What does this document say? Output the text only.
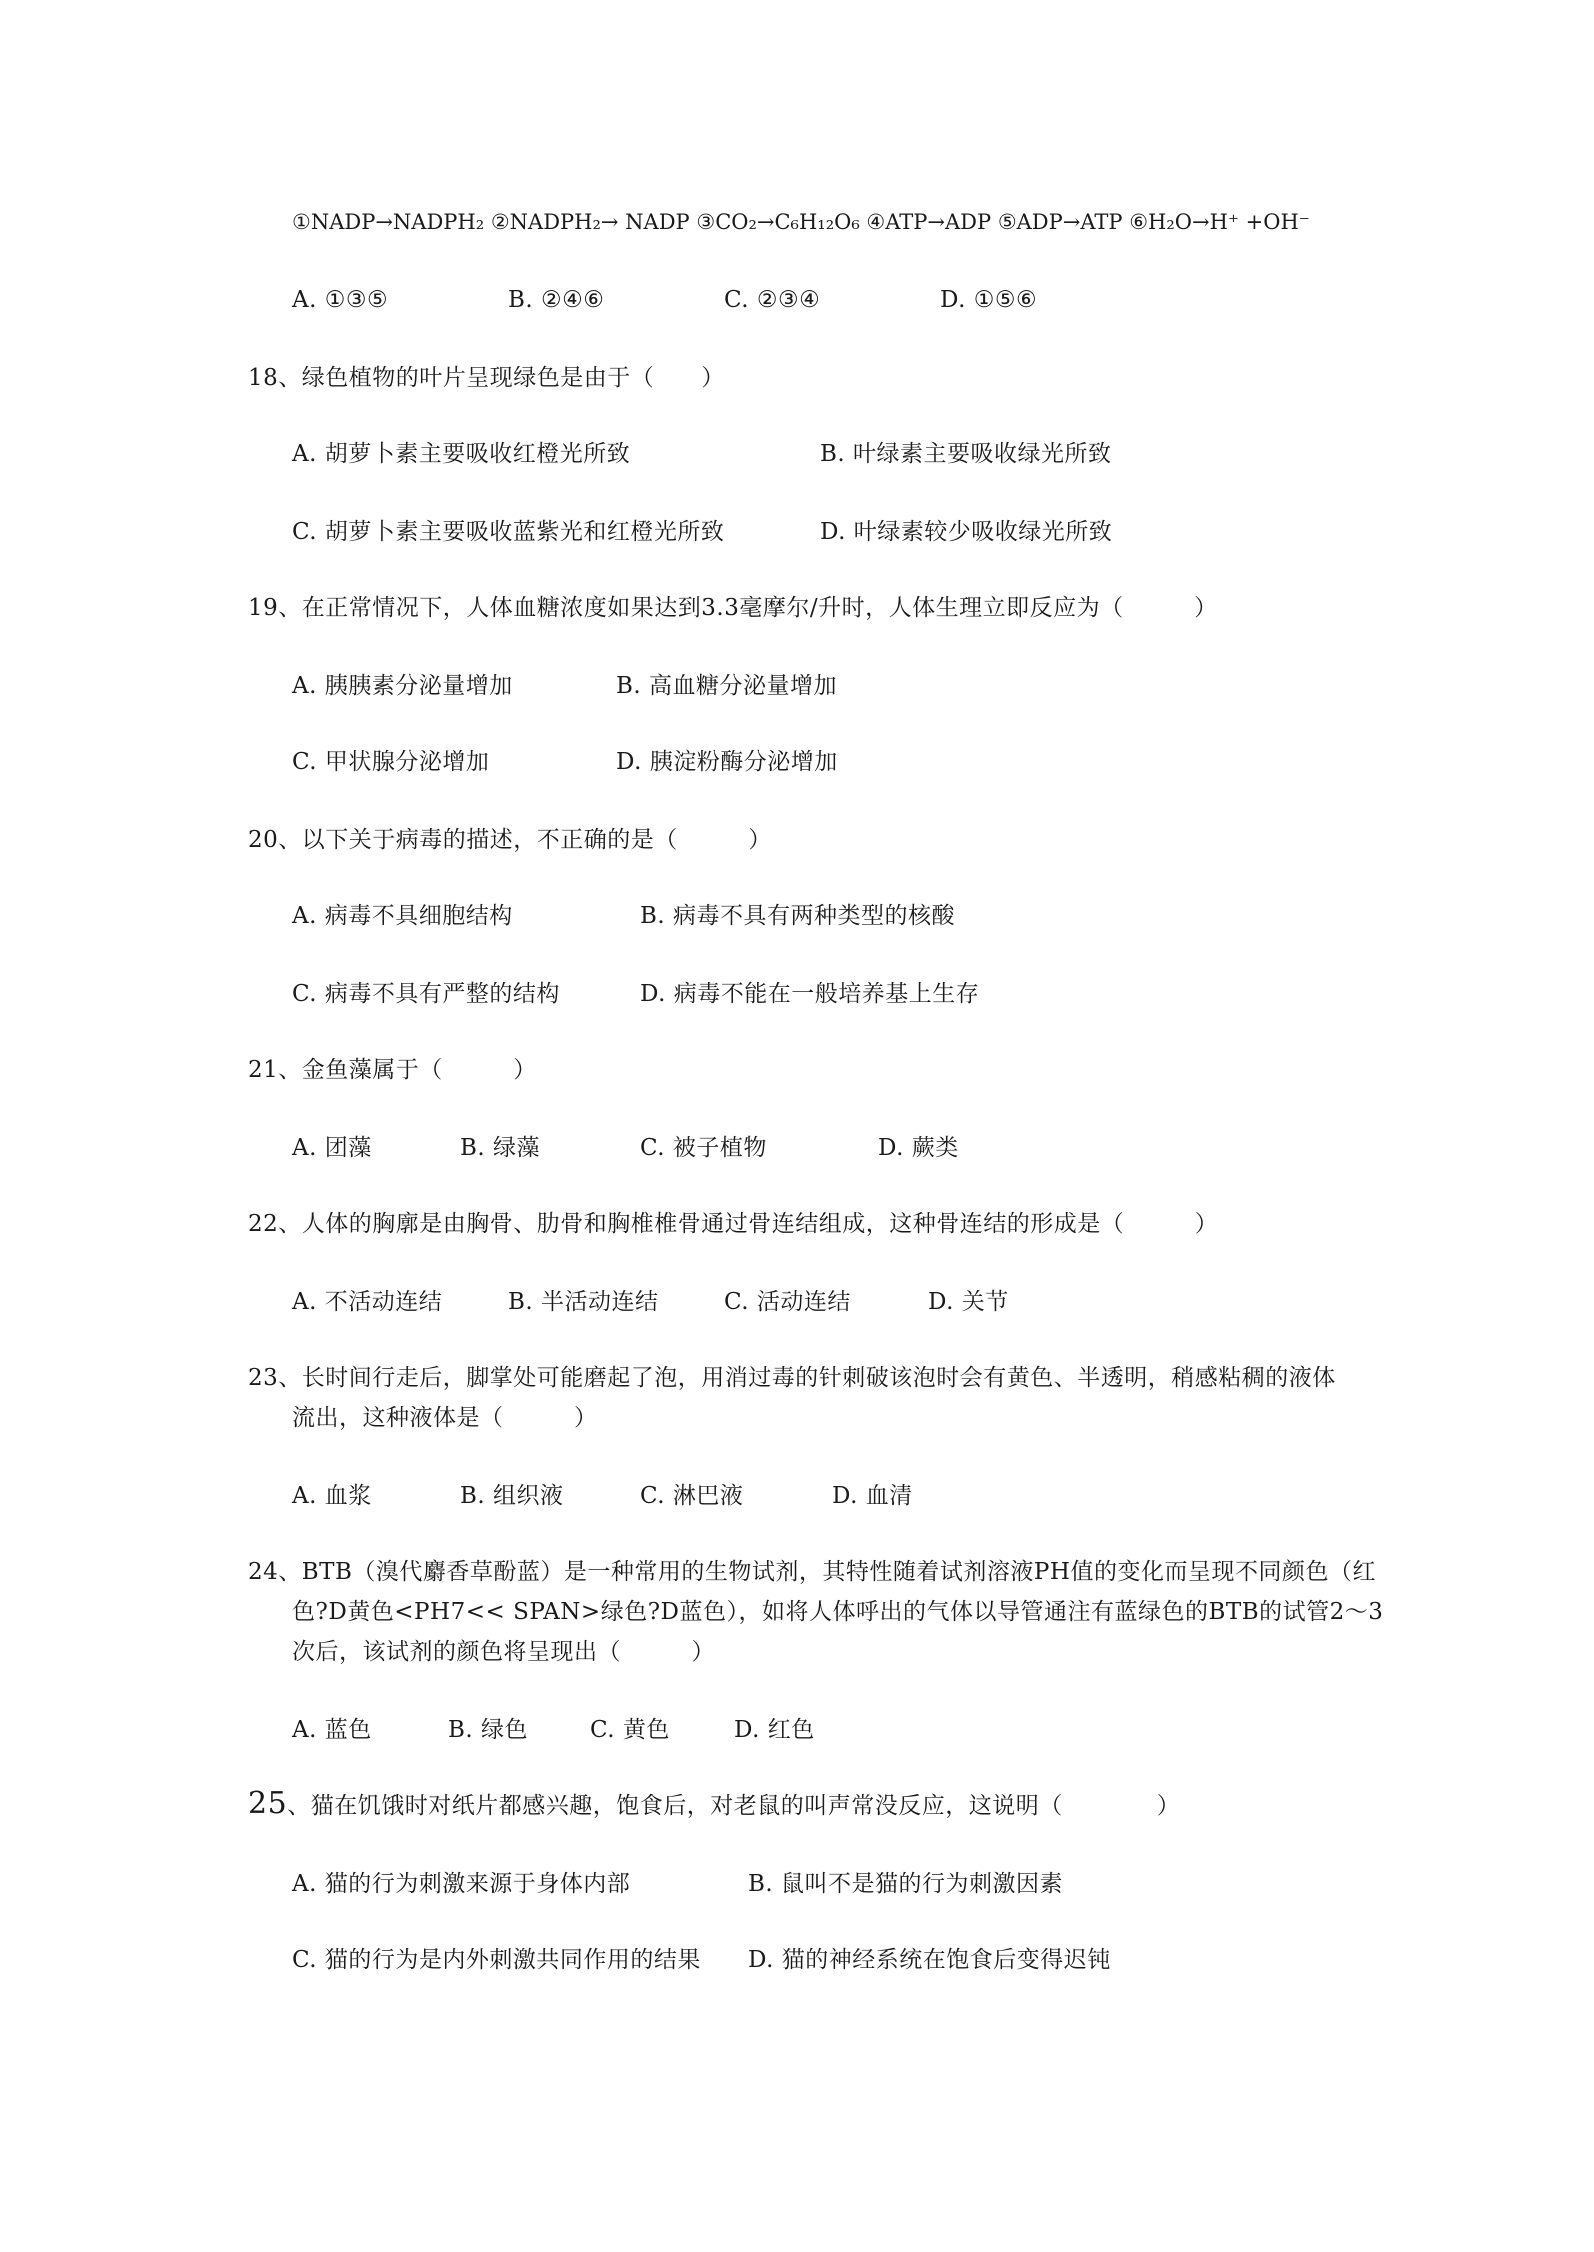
①NADP→NADPH₂ ②NADPH₂→ NADP ③CO₂→C₆H₁₂O₆ ④ATP→ADP ⑤ADP→ATP ⑥H₂O→H⁺ +OH⁻
A. ①③⑤	B. ②④⑥	C. ②③④	D. ①⑤⑥
18、绿色植物的叶片呈现绿色是由于（　　）
A. 胡萝卜素主要吸收红橙光所致	B. 叶绿素主要吸收绿光所致
C. 胡萝卜素主要吸收蓝紫光和红橙光所致	D. 叶绿素较少吸收绿光所致
19、在正常情况下，人体血糖浓度如果达到3.3毫摩尔/升时，人体生理立即反应为（　　　）
A. 胰胰素分泌量增加	B. 高血糖分泌量增加
C. 甲状腺分泌增加	D. 胰淀粉酶分泌增加
20、以下关于病毒的描述，不正确的是（　　　）
A. 病毒不具细胞结构	B. 病毒不具有两种类型的核酸
C. 病毒不具有严整的结构	D. 病毒不能在一般培养基上生存
21、金鱼藻属于（　　　）
A. 团藻	B. 绿藻	C. 被子植物	D. 蕨类
22、人体的胸廓是由胸骨、肋骨和胸椎椎骨通过骨连结组成，这种骨连结的形成是（　　　）
A. 不活动连结	B. 半活动连结	C. 活动连结	D. 关节
23、长时间行走后，脚掌处可能磨起了泡，用消过毒的针刺破该泡时会有黄色、半透明，稍感粘稠的液体
流出，这种液体是（　　　）
A. 血浆	B. 组织液	C. 淋巴液	D. 血清
24、BTB（溴代麝香草酚蓝）是一种常用的生物试剂，其特性随着试剂溶液PH值的变化而呈现不同颜色（红
色?D黄色<PH7<< SPAN>绿色?D蓝色），如将人体呼出的气体以导管通注有蓝绿色的BTB的试管2～3
次后，该试剂的颜色将呈现出（　　　）
A. 蓝色	B. 绿色	C. 黄色	D. 红色
25、猫在饥饿时对纸片都感兴趣，饱食后，对老鼠的叫声常没反应，这说明（　　　　）
A. 猫的行为刺激来源于身体内部	B. 鼠叫不是猫的行为刺激因素
C. 猫的行为是内外刺激共同作用的结果 D. 猫的神经系统在饱食后变得迟钝
